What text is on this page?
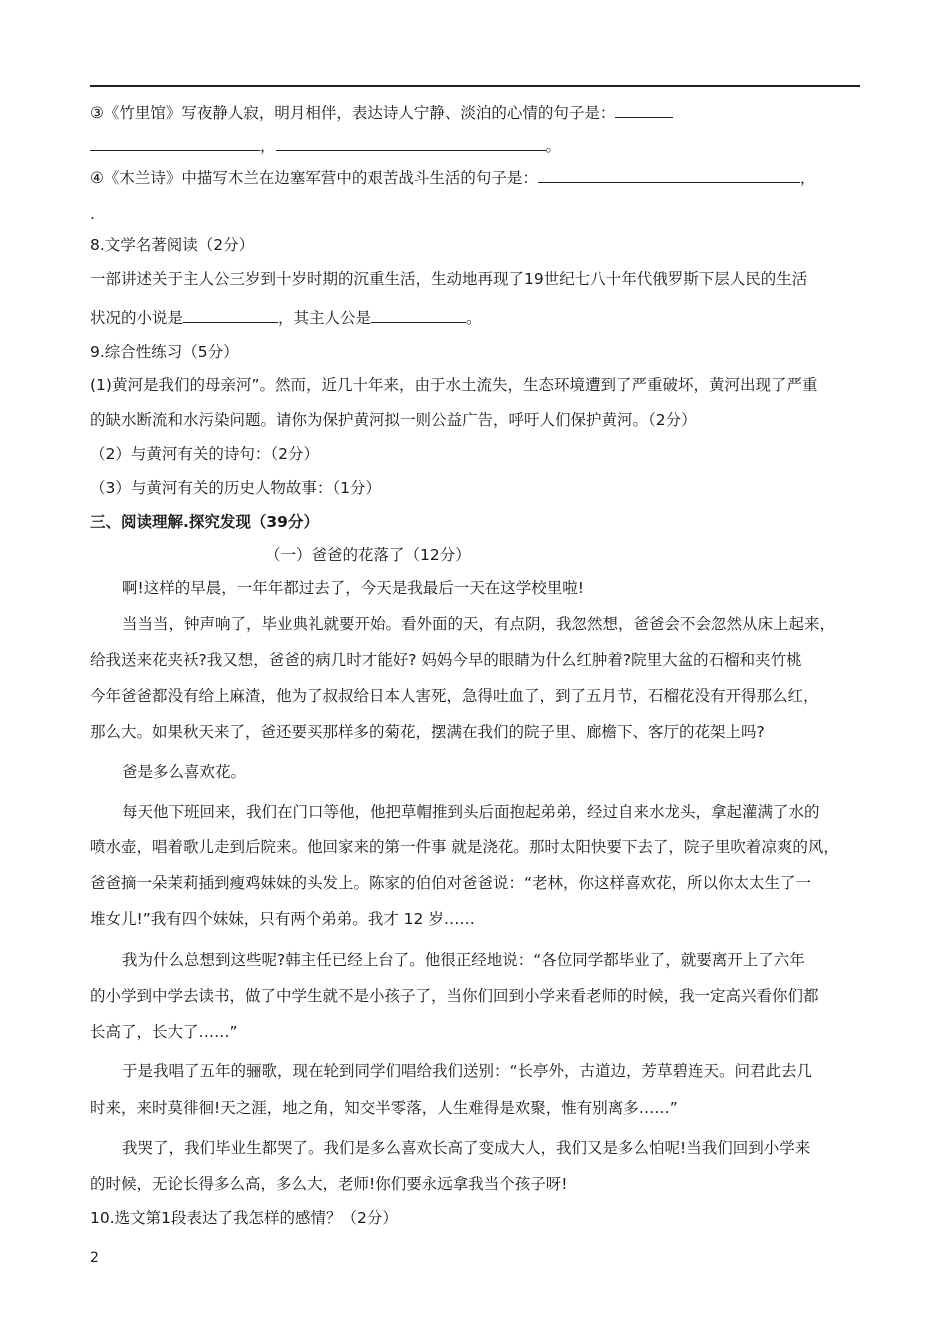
③《竹里馆》写夜静人寂，明月相伴，表达诗人宁静、淡泊的心情的句子是：
，	。
④《木兰诗》中描写木兰在边塞军营中的艰苦战斗生活的句子是：	，
.
8.文学名著阅读（2分）
一部讲述关于主人公三岁到十岁时期的沉重生活，生动地再现了19世纪七八十年代俄罗斯下层人民的生活
状况的小说是	，其主人公是	。
9.综合性练习（5分）
(1)黄河是我们的母亲河”。然而，近几十年来，由于水土流失，生态环境遭到了严重破坏，黄河出现了严重
的缺水断流和水污染问题。请你为保护黄河拟一则公益广告，呼吁人们保护黄河。（2分）
（2）与黄河有关的诗句：（2分）
（3）与黄河有关的历史人物故事：（1分）
三、阅读理解.探究发现（39分）
（一）爸爸的花落了（12分）
啊!这样的早晨，一年年都过去了，今天是我最后一天在这学校里啦!
当当当，钟声响了，毕业典礼就要开始。看外面的天，有点阴，我忽然想，爸爸会不会忽然从床上起来，
给我送来花夹袄?我又想，爸爸的病几时才能好? 妈妈今早的眼睛为什么红肿着?院里大盆的石榴和夹竹桃
今年爸爸都没有给上麻渣，他为了叔叔给日本人害死，急得吐血了，到了五月节，石榴花没有开得那么红，
那么大。如果秋天来了，爸还要买那样多的菊花，摆满在我们的院子里、廊檐下、客厅的花架上吗?
爸是多么喜欢花。
每天他下班回来，我们在门口等他，他把草帽推到头后面抱起弟弟，经过自来水龙头，拿起灌满了水的
喷水壶，唱着歌儿走到后院来。他回家来的第一件事 就是浇花。那时太阳快要下去了，院子里吹着凉爽的风，
爸爸摘一朵茉莉插到瘦鸡妹妹的头发上。陈家的伯伯对爸爸说：“老林，你这样喜欢花，所以你太太生了一
堆女儿!”我有四个妹妹，只有两个弟弟。我才 12 岁……
我为什么总想到这些呢?韩主任已经上台了。他很正经地说：“各位同学都毕业了，就要离开上了六年
的小学到中学去读书，做了中学生就不是小孩子了，当你们回到小学来看老师的时候，我一定高兴看你们都
长高了，长大了……”
于是我唱了五年的骊歌，现在轮到同学们唱给我们送别：“长亭外，古道边，芳草碧连天。问君此去几
时来，来时莫徘徊!天之涯，地之角，知交半零落，人生难得是欢聚，惟有别离多……”
我哭了，我们毕业生都哭了。我们是多么喜欢长高了变成大人，我们又是多么怕呢!当我们回到小学来
的时候，无论长得多么高，多么大，老师!你们要永远拿我当个孩子呀!
10.选文第1段表达了我怎样的感情？（2分）
2
